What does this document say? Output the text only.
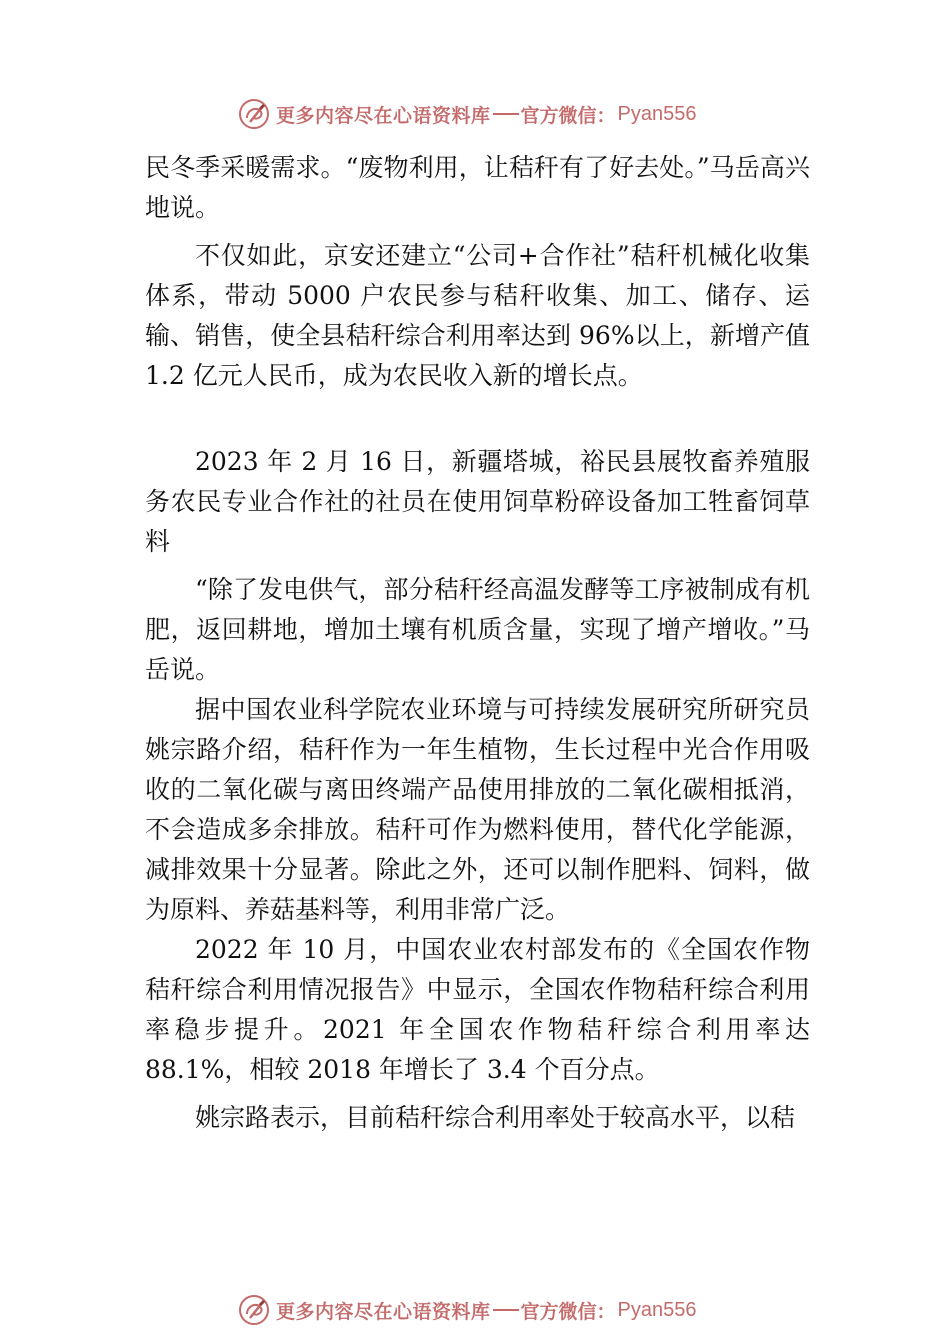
更多内容尽在心语资料库 官方微信： Pyan556

民冬季采暖需求。“废物利用，让秸秆有了好去处。”马岳高兴地说。

不仅如此，京安还建立“公司+合作社”秸秆机械化收集体系，带动 5000 户农民参与秸秆收集、加工、储存、运输、销售，使全县秸秆综合利用率达到 96%以上，新增产值 1.2 亿元人民币，成为农民收入新的增长点。

2023 年 2 月 16 日，新疆塔城，裕民县展牧畜养殖服务农民专业合作社的社员在使用饲草粉碎设备加工牲畜饲草料

“除了发电供气，部分秸秆经高温发酵等工序被制成有机肥，返回耕地，增加土壤有机质含量，实现了增产增收。”马岳说。

据中国农业科学院农业环境与可持续发展研究所研究员姚宗路介绍，秸秆作为一年生植物，生长过程中光合作用吸收的二氧化碳与离田终端产品使用排放的二氧化碳相抵消，不会造成多余排放。秸秆可作为燃料使用，替代化学能源，减排效果十分显著。除此之外，还可以制作肥料、饲料，做为原料、养菇基料等，利用非常广泛。

2022 年 10 月，中国农业农村部发布的《全国农作物秸秆综合利用情况报告》中显示，全国农作物秸秆综合利用率稳步提升。2021 年全国农作物秸秆综合利用率达 88.1%，相较 2018 年增长了 3.4 个百分点。

姚宗路表示，目前秸秆综合利用率处于较高水平，以秸

更多内容尽在心语资料库 官方微信： Pyan556
